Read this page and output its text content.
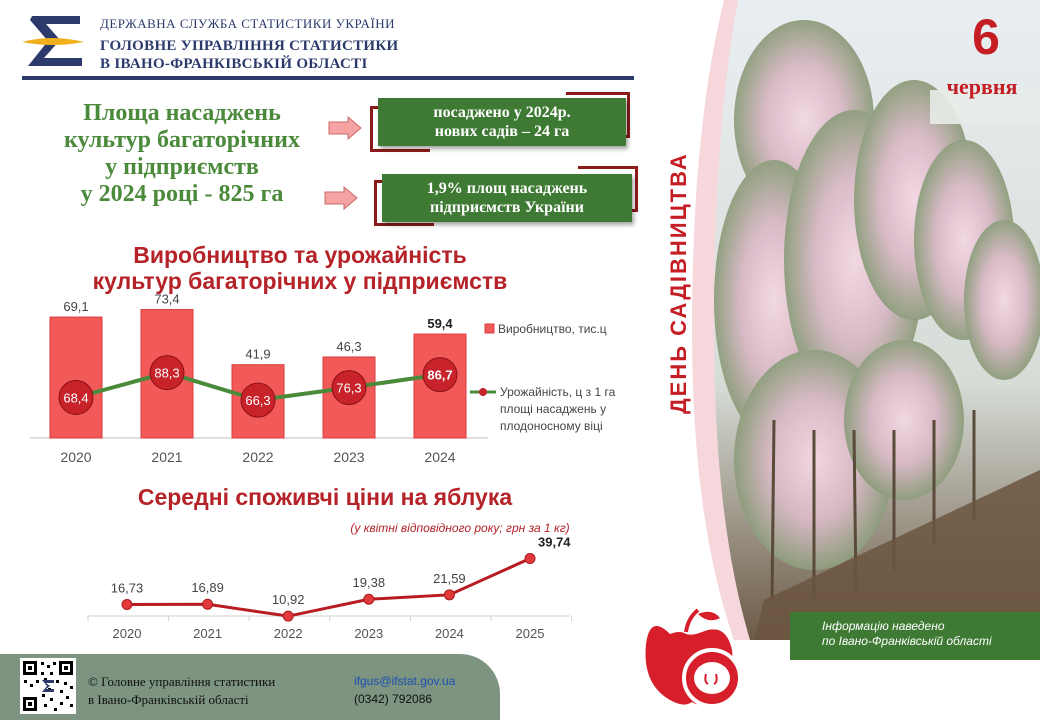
ДЕРЖАВНА СЛУЖБА СТАТИСТИКИ УКРАЇНИ
ГОЛОВНЕ УПРАВЛІННЯ СТАТИСТИКИ
В ІВАНО-ФРАНКІВСЬКІЙ ОБЛАСТІ
Площа насаджень
культур багаторічних
у підприємств
у 2024 році - 825 га
посаджено у 2024р.
нових садів – 24 га
1,9% площ насаджень
підприємств України
Виробництво та урожайність
культур багаторічних у підприємств
69,1
2020
73,4
2021
41,9
2022
46,3
2023
59,4
2024
68,4
88,3
66,3
76,3
86,7
Виробництво, тис.ц
Урожайність, ц з 1 га
площі насаджень у
плодоносному віці
Середні споживчі ціни на яблука
(у квітні відповідного року; грн за 1 кг)
16,73
2020
16,89
2021
10,92
2022
19,38
2023
21,59
2024
39,74
2025
6
червня
ДЕНЬ САДІВНИЦТВА
Інформацію наведено
по Івано-Франківській області
© Головне управління статистики
в Івано-Франківській області
ifgus@ifstat.gov.ua
(0342) 792086
